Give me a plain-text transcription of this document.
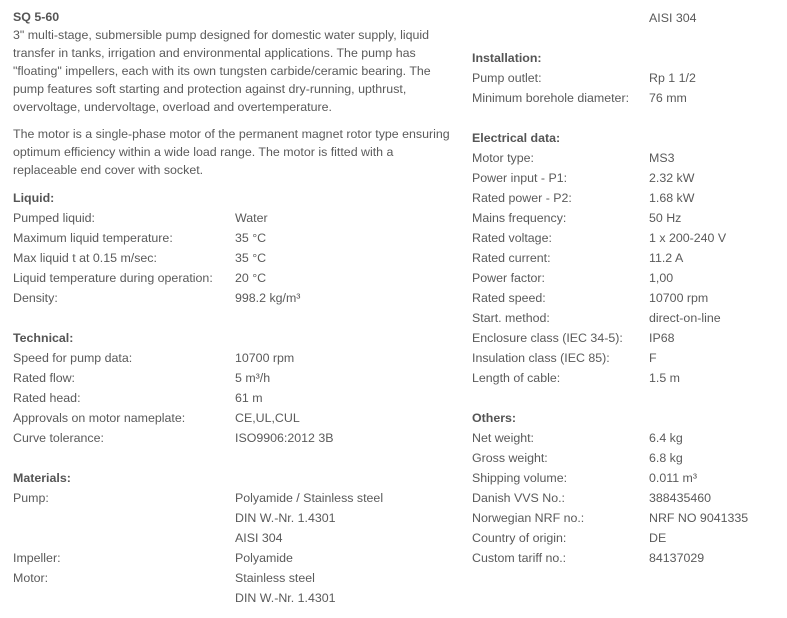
SQ 5-60

3" multi-stage, submersible pump designed for domestic water supply, liquid transfer in tanks, irrigation and environmental applications. The pump has "floating" impellers, each with its own tungsten carbide/ceramic bearing. The pump features soft starting and protection against dry-running, upthrust, overvoltage, undervoltage, overload and overtemperature.

The motor is a single-phase motor of the permanent magnet rotor type ensuring optimum efficiency within a wide load range. The motor is fitted with a replaceable end cover with socket.

Liquid:
Pumped liquid:	Water
Maximum liquid temperature:	35 °C
Max liquid t at 0.15 m/sec:	35 °C
Liquid temperature during operation:	20 °C
Density:	998.2 kg/m³
Technical:
Speed for pump data:	10700 rpm
Rated flow:	5 m³/h
Rated head:	61 m
Approvals on motor nameplate:	CE,UL,CUL
Curve tolerance:	ISO9906:2012 3B
Materials:
Pump:	Polyamide / Stainless steel
DIN W.-Nr. 1.4301
AISI 304
Impeller:	Polyamide
Motor:	Stainless steel
DIN W.-Nr. 1.4301
AISI 304
Installation:
Pump outlet:	Rp 1 1/2
Minimum borehole diameter:	76 mm
Electrical data:
Motor type:	MS3
Power input - P1:	2.32 kW
Rated power - P2:	1.68 kW
Mains frequency:	50 Hz
Rated voltage:	1 x 200-240 V
Rated current:	11.2 A
Power factor:	1,00
Rated speed:	10700 rpm
Start. method:	direct-on-line
Enclosure class (IEC 34-5):	IP68
Insulation class (IEC 85):	F
Length of cable:	1.5 m
Others:
Net weight:	6.4 kg
Gross weight:	6.8 kg
Shipping volume:	0.011 m³
Danish VVS No.:	388435460
Norwegian NRF no.:	NRF NO 9041335
Country of origin:	DE
Custom tariff no.:	84137029
